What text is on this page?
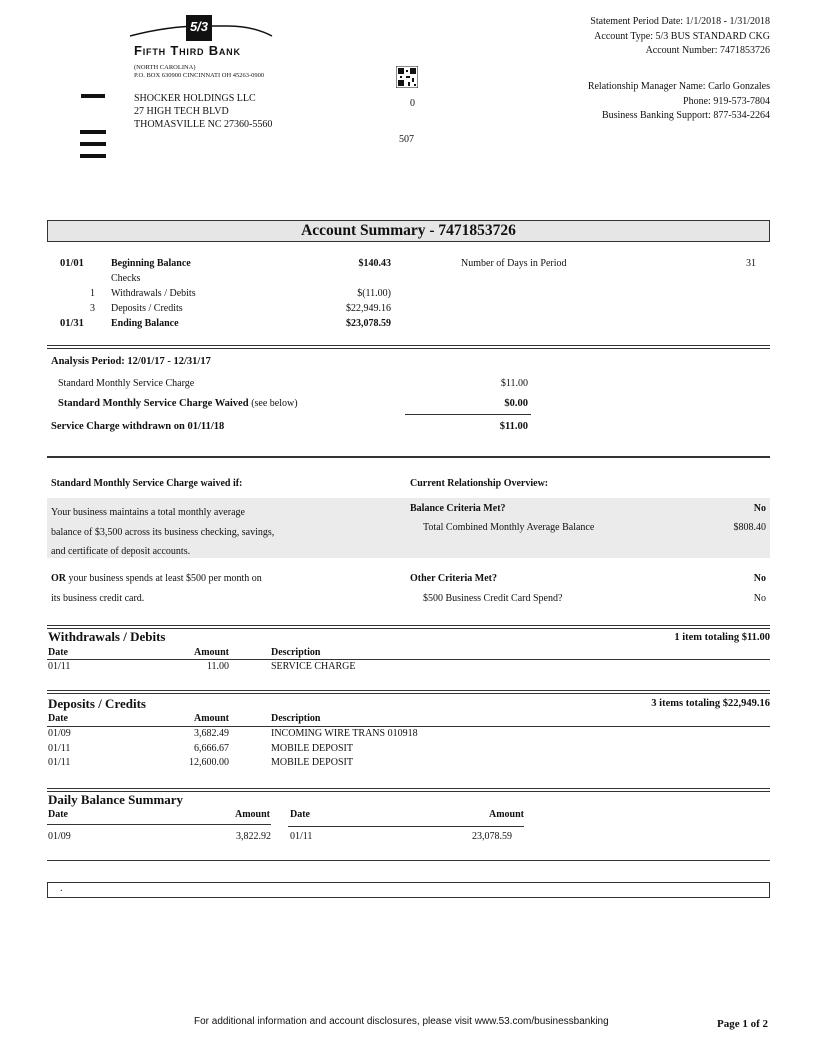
5/3
Fifth Third Bank
(NORTH CAROLINA)
P.O. BOX 630900 CINCINNATI OH 45263-0900
SHOCKER HOLDINGS LLC
27 HIGH TECH BLVD
THOMASVILLE NC 27360-5560
0
507
Statement Period Date: 1/1/2018 - 1/31/2018
Account Type: 5/3 BUS STANDARD CKG
Account Number: 7471853726
Relationship Manager Name: Carlo Gonzales
Phone: 919-573-7804
Business Banking Support: 877-534-2264
Account Summary - 7471853726
01/01	Beginning Balance	$140.43
Checks
1 Withdrawals / Debits	$(11.00)
3 Deposits / Credits	$22,949.16
01/31	Ending Balance	$23,078.59
Number of Days in Period	31
Analysis Period: 12/01/17 - 12/31/17
Standard Monthly Service Charge	$11.00
Standard Monthly Service Charge Waived (see below)	$0.00
Service Charge withdrawn on 01/11/18	$11.00
Standard Monthly Service Charge waived if:	Current Relationship Overview:
Your business maintains a total monthly average
balance of $3,500 across its business checking, savings,
and certificate of deposit accounts.
Balance Criteria Met?	No
Total Combined Monthly Average Balance	$808.40
OR your business spends at least $500 per month on
its business credit card.
Other Criteria Met?	No
$500 Business Credit Card Spend?	No
Withdrawals / Debits	1 item totaling $11.00
Date	Amount	Description
01/11	11.00	SERVICE CHARGE
Deposits / Credits	3 items totaling $22,949.16
Date	Amount	Description
01/09	3,682.49	INCOMING WIRE TRANS 010918
01/11	6,666.67	MOBILE DEPOSIT
01/11	12,600.00	MOBILE DEPOSIT
Daily Balance Summary
Date	Amount Date	Amount
01/09	3,822.92 01/11	23,078.59
.
For additional information and account disclosures, please visit www.53.com/businessbanking	Page 1 of 2
